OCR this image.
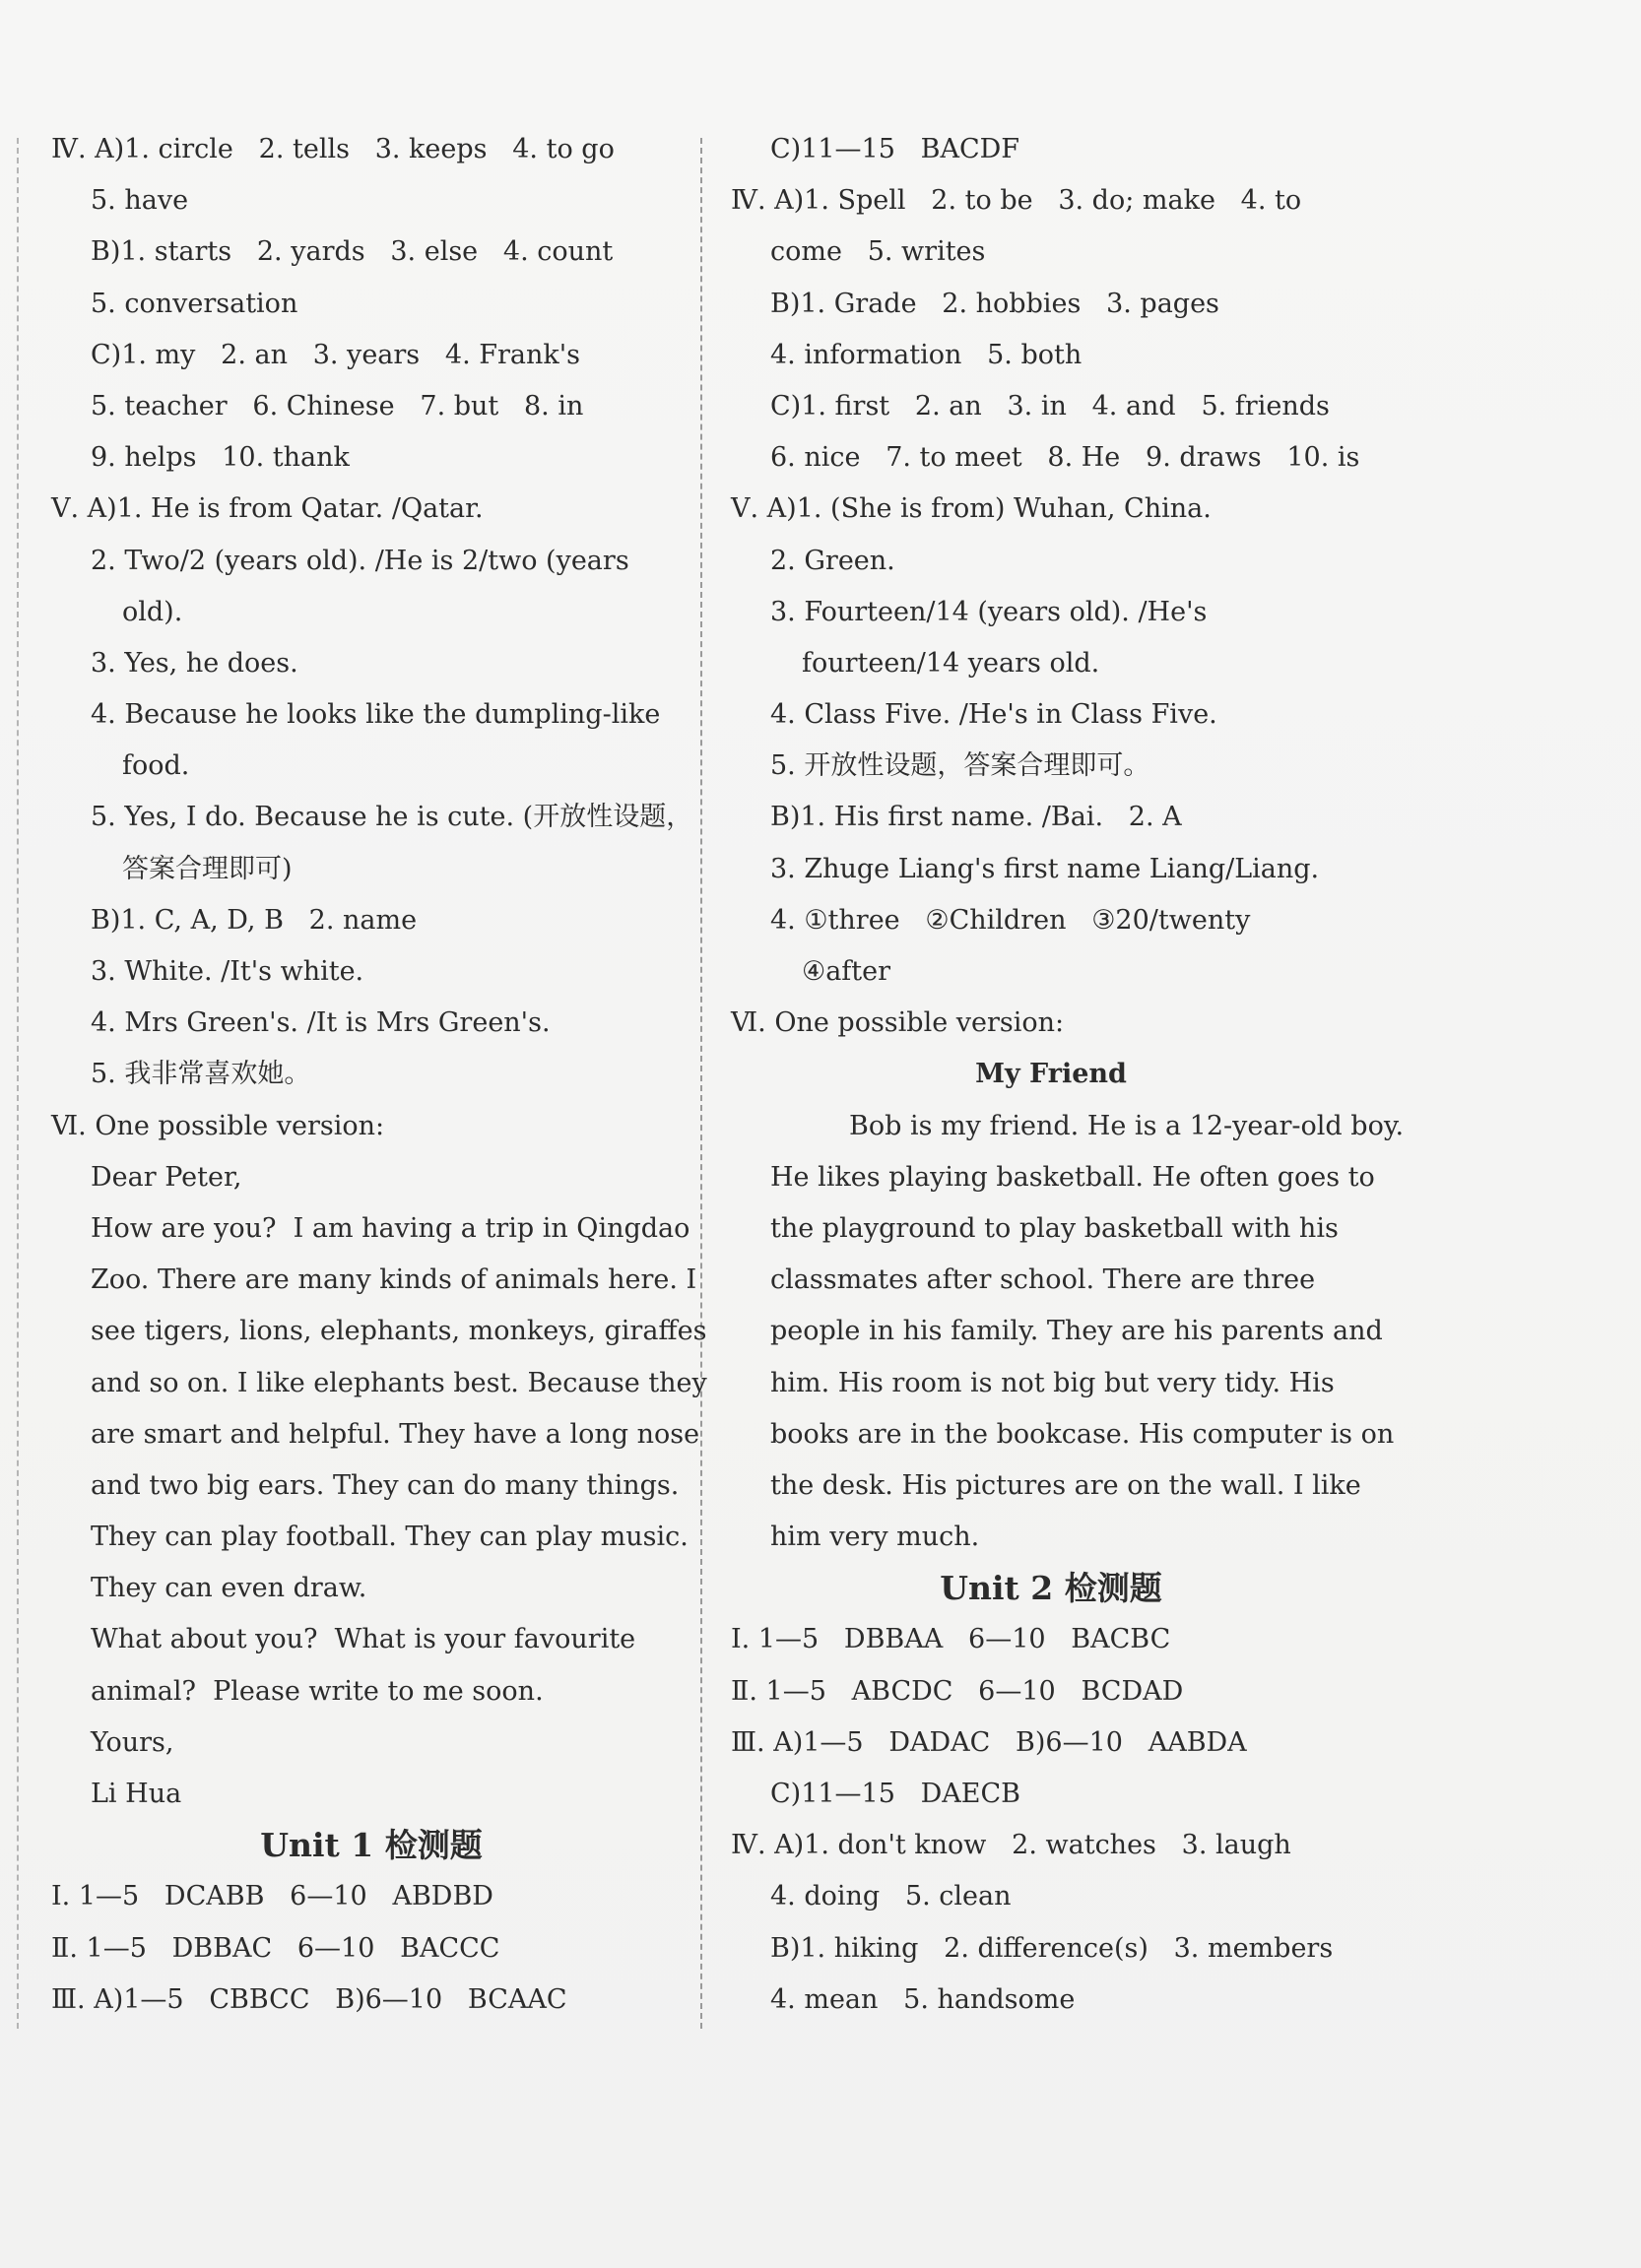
Ⅳ. A)1. circle   2. tells   3. keeps   4. to go
5. have
B)1. starts   2. yards   3. else   4. count
5. conversation
C)1. my   2. an   3. years   4. Frank's
5. teacher   6. Chinese   7. but   8. in
9. helps   10. thank
Ⅴ. A)1. He is from Qatar. /Qatar.
2. Two/2 (years old). /He is 2/two (years
old).
3. Yes, he does.
4. Because he looks like the dumpling-like
food.
5. Yes, I do. Because he is cute. (开放性设题，
答案合理即可)
B)1. C, A, D, B   2. name
3. White. /It's white.
4. Mrs Green's. /It is Mrs Green's.
5. 我非常喜欢她。
Ⅵ. One possible version:
Dear Peter,
How are you?  I am having a trip in Qingdao
Zoo. There are many kinds of animals here. I
see tigers, lions, elephants, monkeys, giraffes
and so on. I like elephants best. Because they
are smart and helpful. They have a long nose
and two big ears. They can do many things.
They can play football. They can play music.
They can even draw.
What about you?  What is your favourite
animal?  Please write to me soon.
Yours,
Li Hua
Unit 1 检测题
Ⅰ. 1—5   DCABB   6—10   ABDBD
Ⅱ. 1—5   DBBAC   6—10   BACCC
Ⅲ. A)1—5   CBBCC   B)6—10   BCAAC
C)11—15   BACDF
Ⅳ. A)1. Spell   2. to be   3. do; make   4. to
come   5. writes
B)1. Grade   2. hobbies   3. pages
4. information   5. both
C)1. first   2. an   3. in   4. and   5. friends
6. nice   7. to meet   8. He   9. draws   10. is
Ⅴ. A)1. (She is from) Wuhan, China.
2. Green.
3. Fourteen/14 (years old). /He's
fourteen/14 years old.
4. Class Five. /He's in Class Five.
5. 开放性设题，答案合理即可。
B)1. His first name. /Bai.   2. A
3. Zhuge Liang's first name Liang/Liang.
4. ①three   ②Children   ③20/twenty
④after
Ⅵ. One possible version:
My Friend
Bob is my friend. He is a 12-year-old boy.
He likes playing basketball. He often goes to
the playground to play basketball with his
classmates after school. There are three
people in his family. They are his parents and
him. His room is not big but very tidy. His
books are in the bookcase. His computer is on
the desk. His pictures are on the wall. I like
him very much.
Unit 2 检测题
Ⅰ. 1—5   DBBAA   6—10   BACBC
Ⅱ. 1—5   ABCDC   6—10   BCDAD
Ⅲ. A)1—5   DADAC   B)6—10   AABDA
C)11—15   DAECB
Ⅳ. A)1. don't know   2. watches   3. laugh
4. doing   5. clean
B)1. hiking   2. difference(s)   3. members
4. mean   5. handsome
